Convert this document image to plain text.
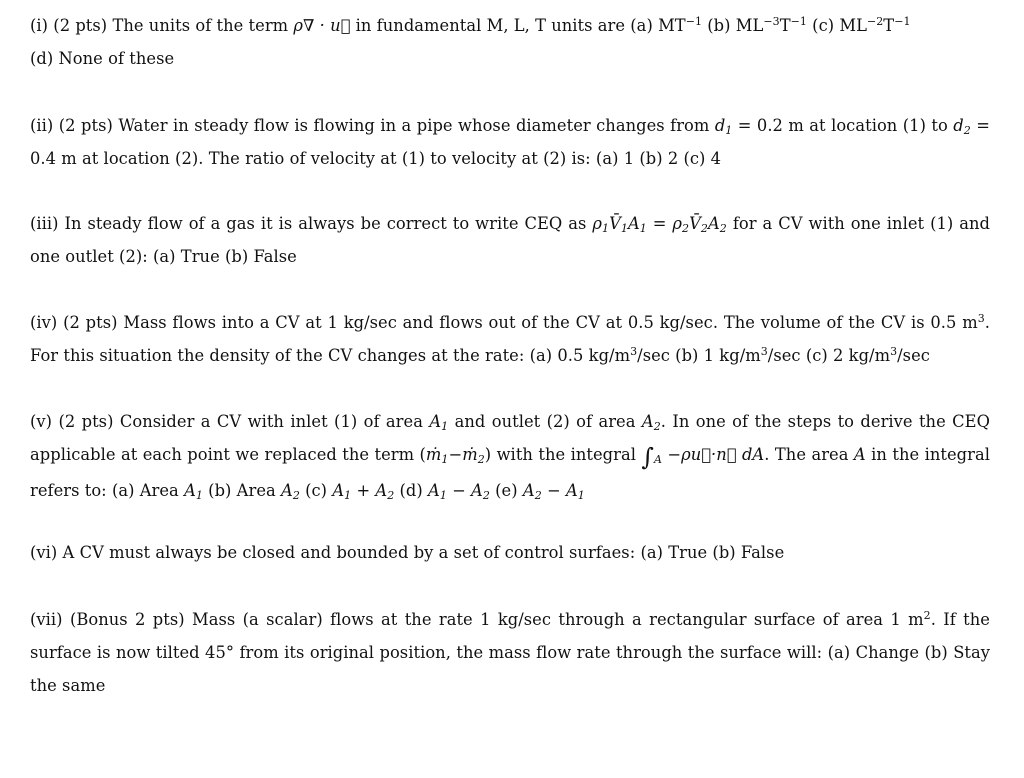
(i) (2 pts) The units of the term ρ∇ · u⃗ in fundamental M, L, T units are (a) $MT^{-1}$ (b) $ML^{-3}T^{-1}$ (c) $ML^{-2}T^{-1}$
(d) None of these
(ii) (2 pts) Water in steady flow is flowing in a pipe whose diameter changes from $d_1 = 0.2$ m at location (1) to $d_2 = 0.4$ m at location (2). The ratio of velocity at (1) to velocity at (2) is: (a) 1 (b) 2 (c) 4
(iii) In steady flow of a gas it is always be correct to write CEQ as $\rho_1V̄_1A_1$ = $\rho_2V̄_2A_2$ for a CV with one inlet (1) and one outlet (2): (a) True (b) False
(iv) (2 pts) Mass flows into a CV at 1 kg/sec and flows out of the CV at 0.5 kg/sec. The volume of the CV is 0.5 $m^3$. For this situation the density of the CV changes at the rate: (a) 0.5 $kg/m^3/\sec$ (b) 1 $kg/m^3/\sec$ (c) 2 $kg/m^3/\sec$
(v) (2 pts) Consider a CV with inlet (1) of area $A_1$ and outlet (2) of area $A_2$. In one of the steps to derive the CEQ applicable at each point we replaced the term (ṁ$_1$−ṁ$_2$) with the integral $\int_A$ −ρu⃗·n⃗ dA. The area A in the integral refers to: (a) Area $A_1$ (b) Area $A_2$ (c) $A_1 + A_2$ (d) $A_1 - A_2$ (e) $A_2 - A_1$
(vi) A CV must always be closed and bounded by a set of control surfaes: (a) True (b) False
(vii) (Bonus 2 pts) Mass (a scalar) flows at the rate 1 kg/sec through a rectangular surface of area 1 $m^2$. If the surface is now tilted 45° from its original position, the mass flow rate through the surface will: (a) Change (b) Stay the same
